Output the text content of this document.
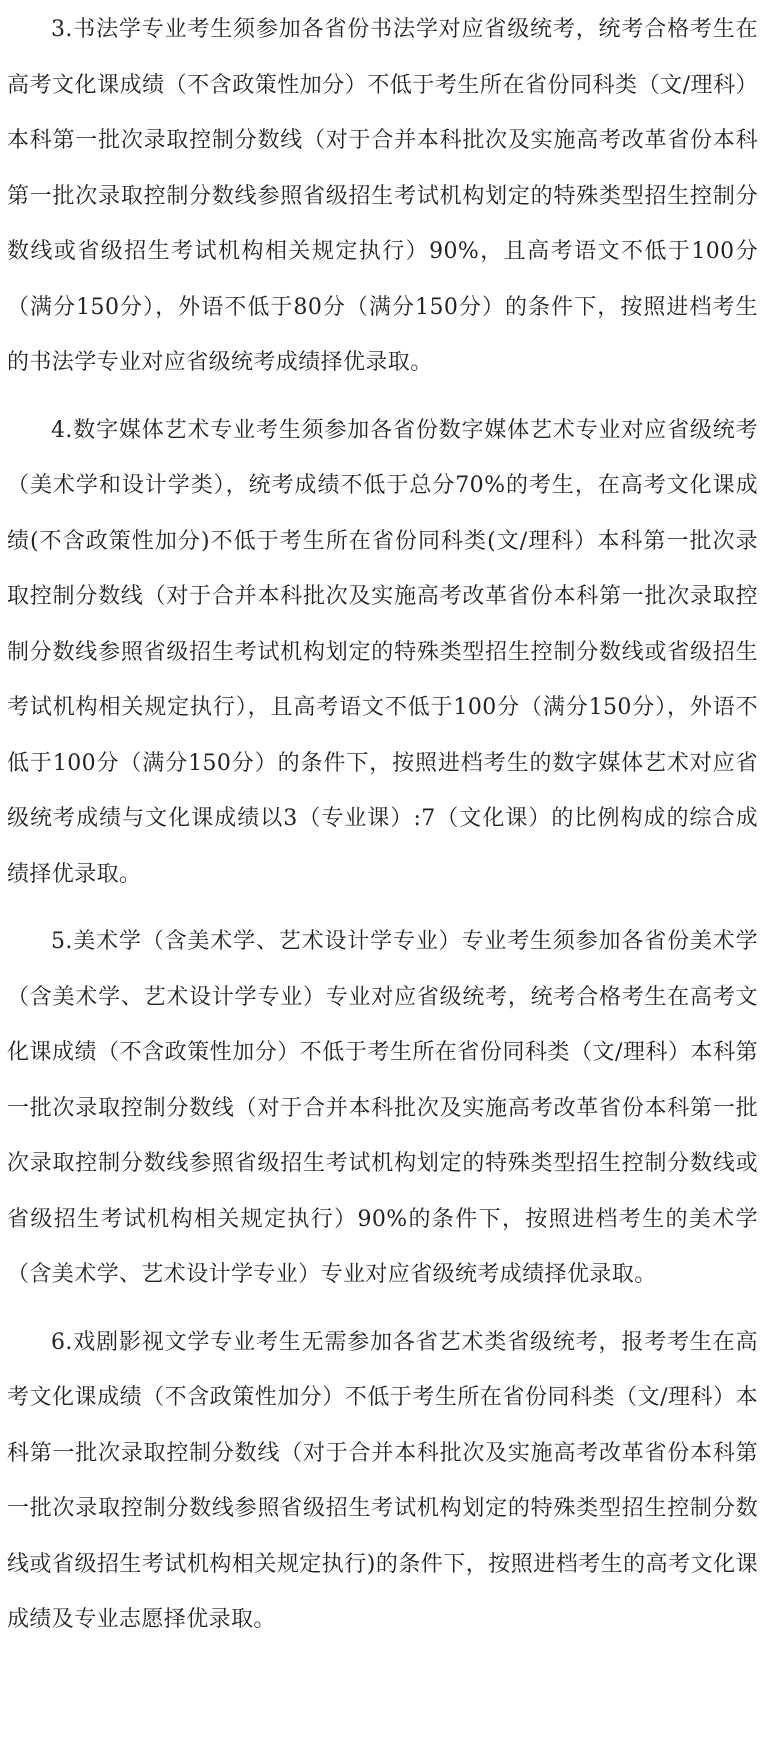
3.书法学专业考生须参加各省份书法学对应省级统考，统考合格考生在高考文化课成绩（不含政策性加分）不低于考生所在省份同科类（文/理科）本科第一批次录取控制分数线（对于合并本科批次及实施高考改革省份本科第一批次录取控制分数线参照省级招生考试机构划定的特殊类型招生控制分数线或省级招生考试机构相关规定执行）90%，且高考语文不低于100分（满分150分），外语不低于80分（满分150分）的条件下，按照进档考生的书法学专业对应省级统考成绩择优录取。

4.数字媒体艺术专业考生须参加各省份数字媒体艺术专业对应省级统考（美术学和设计学类），统考成绩不低于总分70%的考生，在高考文化课成绩(不含政策性加分)不低于考生所在省份同科类(文/理科）本科第一批次录取控制分数线（对于合并本科批次及实施高考改革省份本科第一批次录取控制分数线参照省级招生考试机构划定的特殊类型招生控制分数线或省级招生考试机构相关规定执行），且高考语文不低于100分（满分150分），外语不低于100分（满分150分）的条件下，按照进档考生的数字媒体艺术对应省级统考成绩与文化课成绩以3（专业课）:7（文化课）的比例构成的综合成绩择优录取。

5.美术学（含美术学、艺术设计学专业）专业考生须参加各省份美术学（含美术学、艺术设计学专业）专业对应省级统考，统考合格考生在高考文化课成绩（不含政策性加分）不低于考生所在省份同科类（文/理科）本科第一批次录取控制分数线（对于合并本科批次及实施高考改革省份本科第一批次录取控制分数线参照省级招生考试机构划定的特殊类型招生控制分数线或省级招生考试机构相关规定执行）90%的条件下，按照进档考生的美术学（含美术学、艺术设计学专业）专业对应省级统考成绩择优录取。

6.戏剧影视文学专业考生无需参加各省艺术类省级统考，报考考生在高考文化课成绩（不含政策性加分）不低于考生所在省份同科类（文/理科）本科第一批次录取控制分数线（对于合并本科批次及实施高考改革省份本科第一批次录取控制分数线参照省级招生考试机构划定的特殊类型招生控制分数线或省级招生考试机构相关规定执行)的条件下，按照进档考生的高考文化课成绩及专业志愿择优录取。
